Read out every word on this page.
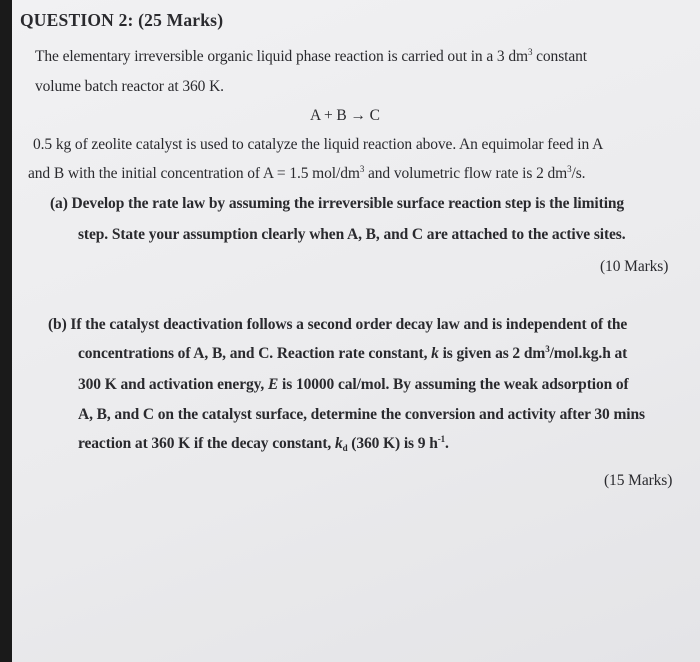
QUESTION 2: (25 Marks)
The elementary irreversible organic liquid phase reaction is carried out in a 3 $dm^3$ constant
volume batch reactor at 360 K.
A + B → C
0.5 kg of zeolite catalyst is used to catalyze the liquid reaction above. An equimolar feed in A
and B with the initial concentration of A = 1.5 mol/$dm^3$ and volumetric flow rate is 2 $dm^3/s$.
(a) Develop the rate law by assuming the irreversible surface reaction step is the limiting
step. State your assumption clearly when A, B, and C are attached to the active sites.
(10 Marks)
(b) If the catalyst deactivation follows a second order decay law and is independent of the
concentrations of A, B, and C. Reaction rate constant, k is given as 2 $dm^3/mol.kg.h$ at
300 K and activation energy, E is 10000 cal/mol. By assuming the weak adsorption of
A, B, and C on the catalyst surface, determine the conversion and activity after 30 mins
reaction at 360 K if the decay constant, $k_d$ (360 K) is 9 $h^{-1}$.
(15 Marks)
